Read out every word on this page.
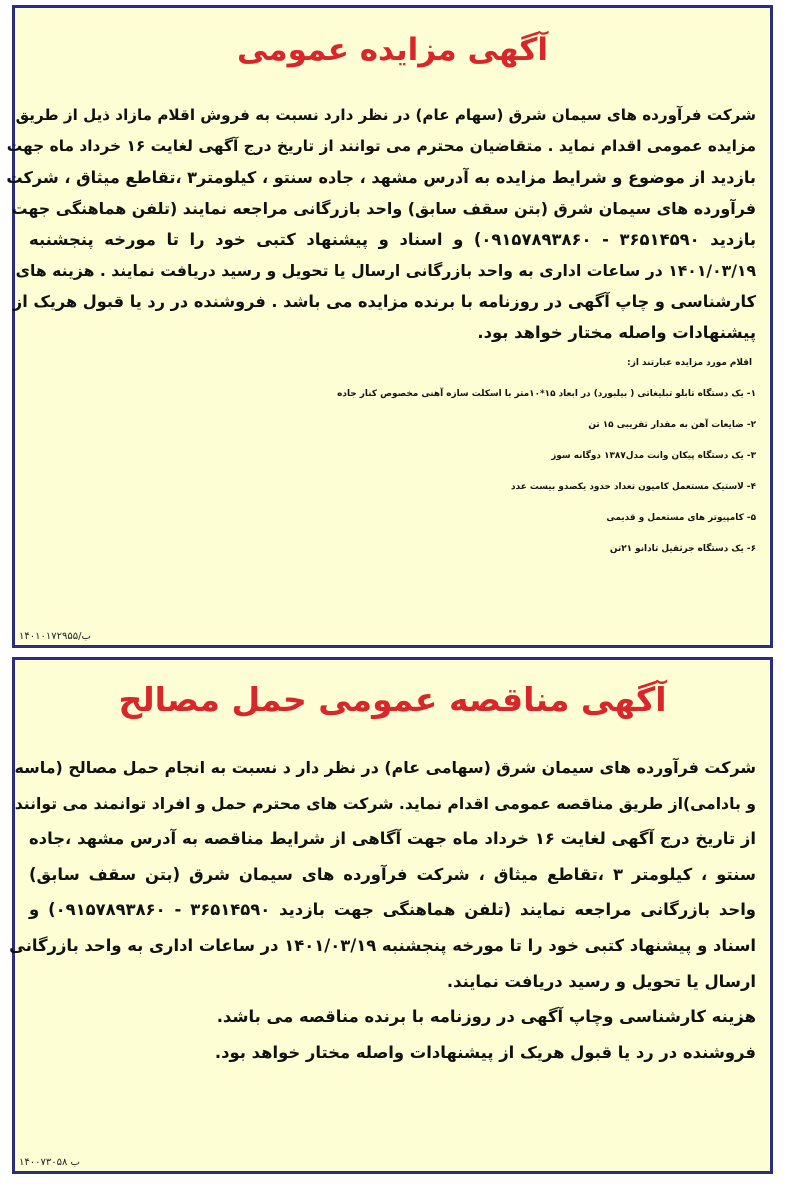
آگهی مزایده عمومی
شرکت فرآورده های سیمان شرق (سهام عام) در نظر دارد نسبت به فروش اقلام مازاد ذیل از طریق
مزایده عمومی اقدام نماید . متقاضیان محترم می توانند از تاریخ درج آگهی لغایت ۱۶ خرداد ماه جهت
بازدید از موضوع و شرایط مزایده به آدرس مشهد ، جاده سنتو ، کیلومتر۳ ،تقاطع میثاق ، شرکت
فرآورده های سیمان شرق (بتن سقف سابق) واحد بازرگانی مراجعه نمایند (تلفن هماهنگی جهت
بازدید ۳۶۵۱۴۵۹۰ - ۰۹۱۵۷۸۹۳۸۶۰) و اسناد و پیشنهاد کتبی خود را تا مورخه پنجشنبه
۱۴۰۱/۰۳/۱۹ در ساعات اداری به واحد بازرگانی ارسال یا تحویل و رسید دریافت نمایند . هزینه های
کارشناسی و چاپ آگهی در روزنامه با برنده مزایده می باشد . فروشنده در رد یا قبول هریک از
پیشنهادات واصله مختار خواهد بود.
اقلام مورد مزایده عبارتند از:
۱- یک دستگاه تابلو تبلیغاتی ( بیلبورد) در ابعاد ۱۵*۱۰متر با اسکلت سازه آهنی مخصوص کنار جاده
۲- ضایعات آهن به مقدار تقریبی ۱۵ تن
۳- یک دستگاه پیکان وانت مدل۱۳۸۷ دوگانه سوز
۴- لاستیک مستعمل کامیون تعداد حدود یکصدو بیست عدد
۵- کامپیوتر های مستعمل و قدیمی
۶- یک دستگاه جرثقیل تادانو ۲۱تن
۱۴۰۱۰۱۷۲۹۵۵/ب
آگهی مناقصه عمومی حمل مصالح
شرکت فرآورده های سیمان شرق (سهامی عام) در نظر دار د نسبت به انجام حمل مصالح (ماسه
و بادامی)از طریق مناقصه عمومی اقدام نماید. شرکت های محترم حمل و افراد توانمند می توانند
از تاریخ درج آگهی لغایت ۱۶ خرداد ماه جهت آگاهی از شرایط مناقصه به آدرس مشهد ،جاده
سنتو ، کیلومتر ۳ ،تقاطع میثاق ، شرکت فرآورده های سیمان شرق (بتن سقف سابق)
واحد بازرگانی مراجعه نمایند (تلفن هماهنگی جهت بازدید ۳۶۵۱۴۵۹۰ - ۰۹۱۵۷۸۹۳۸۶۰) و
اسناد و پیشنهاد کتبی خود را تا مورخه پنجشنبه ۱۴۰۱/۰۳/۱۹ در ساعات اداری به واحد بازرگانی
ارسال یا تحویل و رسید دریافت نمایند.
هزینه کارشناسی وچاپ آگهی در روزنامه با برنده مناقصه می باشد.
فروشنده در رد یا قبول هریک از پیشنهادات واصله مختار خواهد بود.
۱۴۰۰۷۳۰۵۸ ب
